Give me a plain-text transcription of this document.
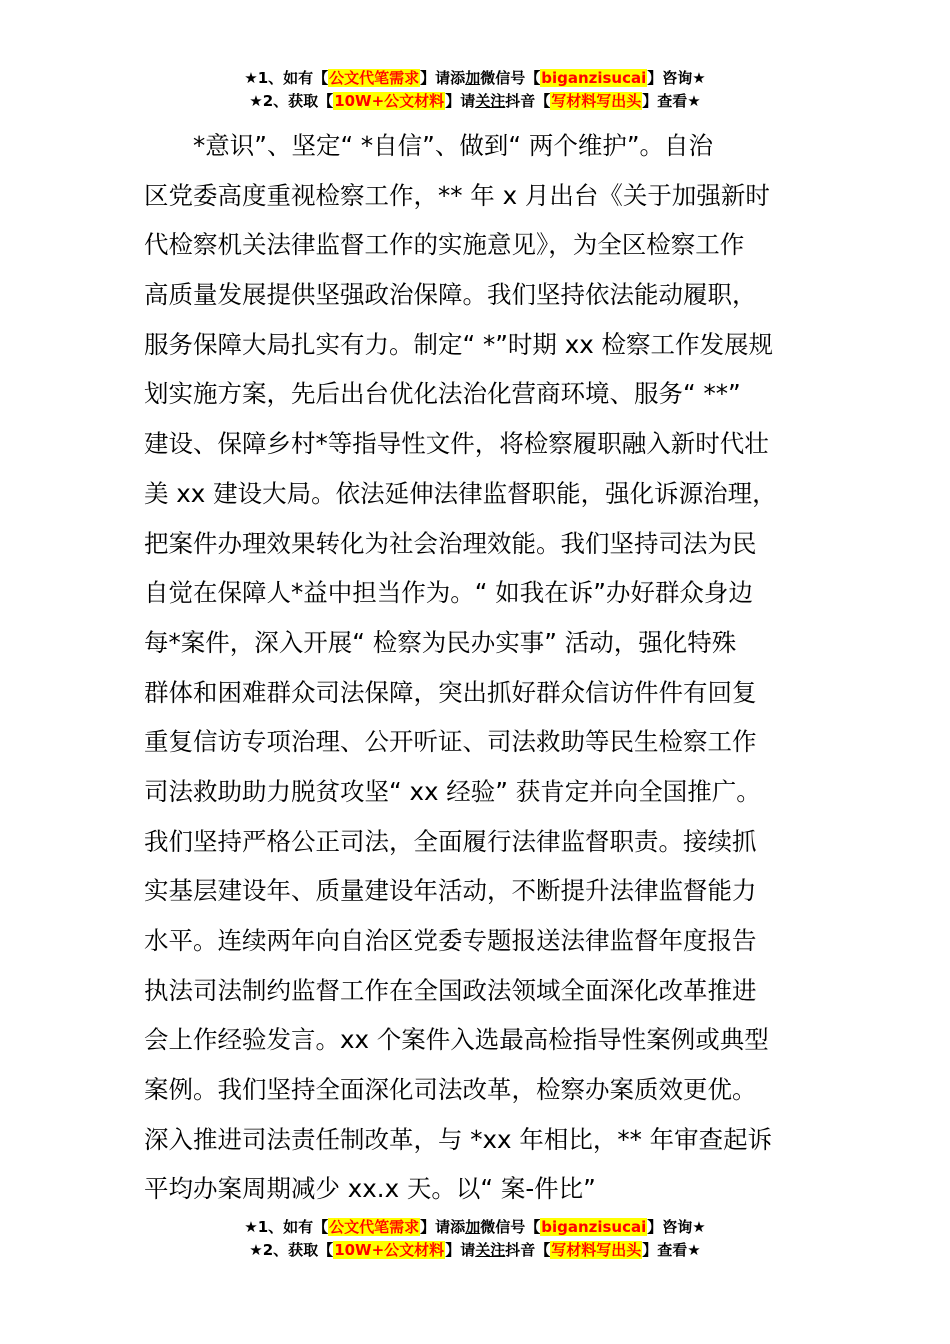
★1、如有【公文代笔需求】请添加微信号【biganzisucai】咨询★
★2、获取【10W+公文材料】请关注抖音【写材料写出头】查看★
*意识”、坚定“ *自信”、做到“ 两个维护”。自治
区党委高度重视检察工作，** 年 x 月出台《关于加强新时
代检察机关法律监督工作的实施意见》，为全区检察工作
高质量发展提供坚强政治保障。我们坚持依法能动履职，
服务保障大局扎实有力。制定“ *”时期 xx 检察工作发展规
划实施方案，先后出台优化法治化营商环境、服务“ **”
建设、保障乡村*等指导性文件，将检察履职融入新时代壮
美 xx 建设大局。依法延伸法律监督职能，强化诉源治理，
把案件办理效果转化为社会治理效能。我们坚持司法为民
自觉在保障人*益中担当作为。“ 如我在诉”办好群众身边
每*案件，深入开展“ 检察为民办实事” 活动，强化特殊
群体和困难群众司法保障，突出抓好群众信访件件有回复
重复信访专项治理、公开听证、司法救助等民生检察工作
司法救助助力脱贫攻坚“ xx 经验” 获肯定并向全国推广。
我们坚持严格公正司法，全面履行法律监督职责。接续抓
实基层建设年、质量建设年活动，不断提升法律监督能力
水平。连续两年向自治区党委专题报送法律监督年度报告
执法司法制约监督工作在全国政法领域全面深化改革推进
会上作经验发言。xx 个案件入选最高检指导性案例或典型
案例。我们坚持全面深化司法改革，检察办案质效更优。
深入推进司法责任制改革，与 *xx 年相比，** 年审查起诉
平均办案周期减少 xx.x 天。以“ 案-件比”
★1、如有【公文代笔需求】请添加微信号【biganzisucai】咨询★
★2、获取【10W+公文材料】请关注抖音【写材料写出头】查看★
